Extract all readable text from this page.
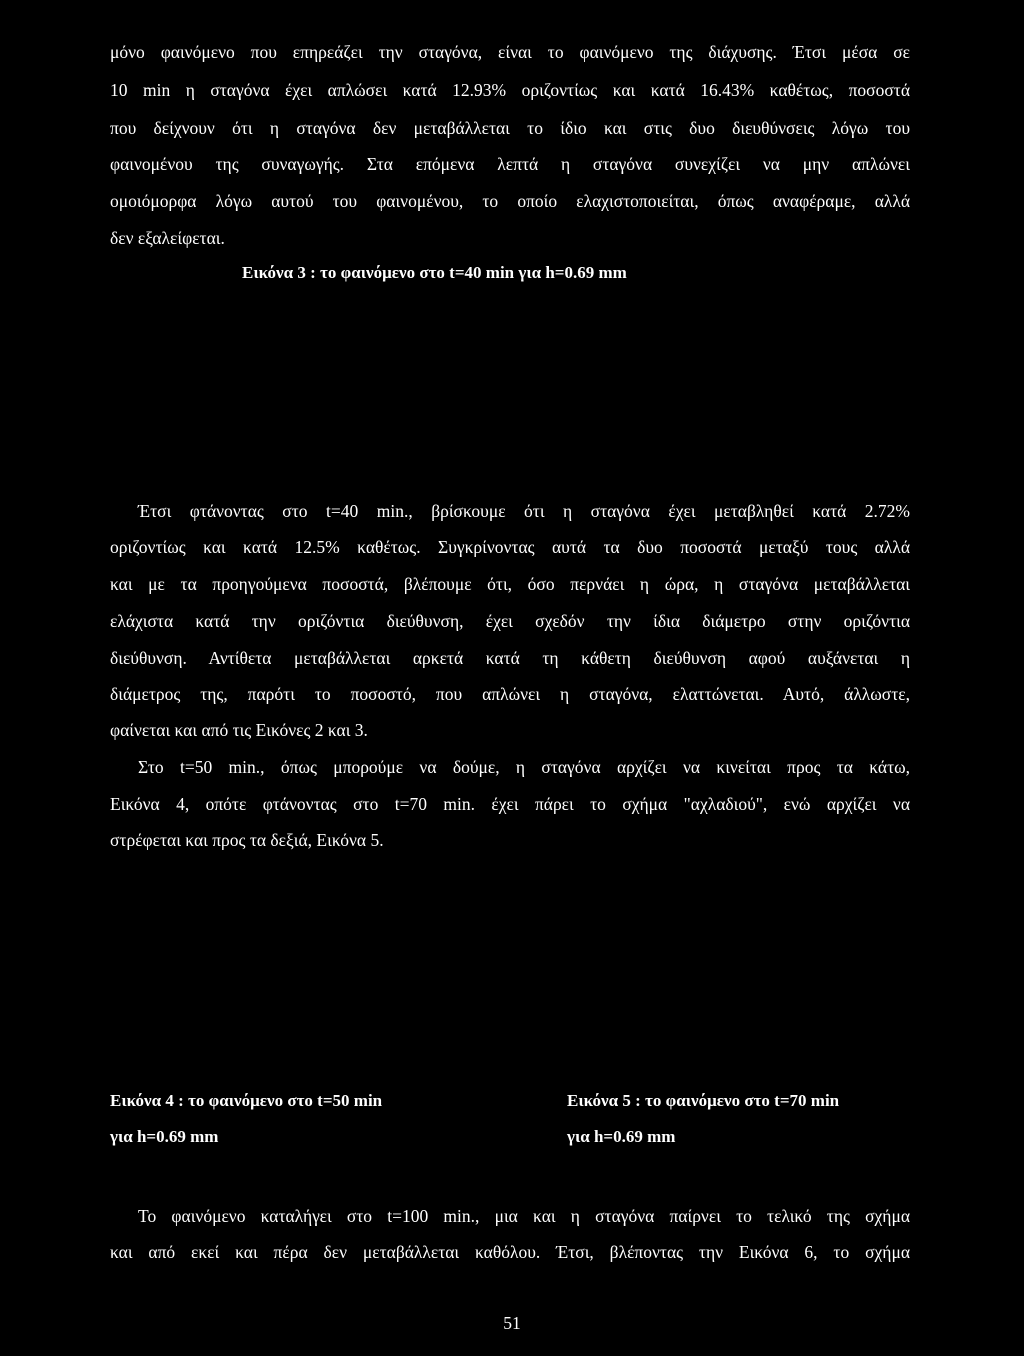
μόνο φαινόμενο που επηρεάζει την σταγόνα, είναι το φαινόμενο της διάχυσης. Έτσι μέσα σε

10 min η σταγόνα έχει απλώσει κατά 12.93% οριζοντίως και κατά 16.43% καθέτως, ποσοστά

που δείχνουν ότι η σταγόνα δεν μεταβάλλεται το ίδιο και στις δυο διευθύνσεις λόγω του

φαινομένου της συναγωγής. Στα επόμενα λεπτά η σταγόνα συνεχίζει να μην απλώνει

ομοιόμορφα λόγω αυτού του φαινομένου, το οποίο ελαχιστοποιείται, όπως αναφέραμε, αλλά

δεν εξαλείφεται.

Εικόνα 3 : το φαινόμενο στο t=40 min για h=0.69 mm

Έτσι φτάνοντας στο t=40 min., βρίσκουμε ότι η σταγόνα έχει μεταβληθεί κατά 2.72%

οριζοντίως και κατά 12.5% καθέτως. Συγκρίνοντας αυτά τα δυο ποσοστά μεταξύ τους αλλά

και με τα προηγούμενα ποσοστά, βλέπουμε ότι, όσο περνάει η ώρα, η σταγόνα μεταβάλλεται

ελάχιστα κατά την οριζόντια διεύθυνση, έχει σχεδόν την ίδια διάμετρο στην οριζόντια

διεύθυνση. Αντίθετα μεταβάλλεται αρκετά κατά τη κάθετη διεύθυνση αφού αυξάνεται η

διάμετρος της, παρότι το ποσοστό, που απλώνει η σταγόνα, ελαττώνεται. Αυτό, άλλωστε,

φαίνεται και από τις Εικόνες 2 και 3.

Στο t=50 min., όπως μπορούμε να δούμε, η σταγόνα αρχίζει να κινείται προς τα κάτω,

Εικόνα 4, οπότε φτάνοντας στο t=70 min. έχει πάρει το σχήμα "αχλαδιού", ενώ αρχίζει να

στρέφεται και προς τα δεξιά, Εικόνα 5.

Εικόνα 4 : το φαινόμενο στο t=50 min
για h=0.69 mm
Εικόνα 5 : το φαινόμενο στο t=70 min
για h=0.69 mm

Το φαινόμενο καταλήγει στο t=100 min., μια και η σταγόνα παίρνει το τελικό της σχήμα

και από εκεί και πέρα δεν μεταβάλλεται καθόλου. Έτσι, βλέποντας την Εικόνα 6, το σχήμα

51
